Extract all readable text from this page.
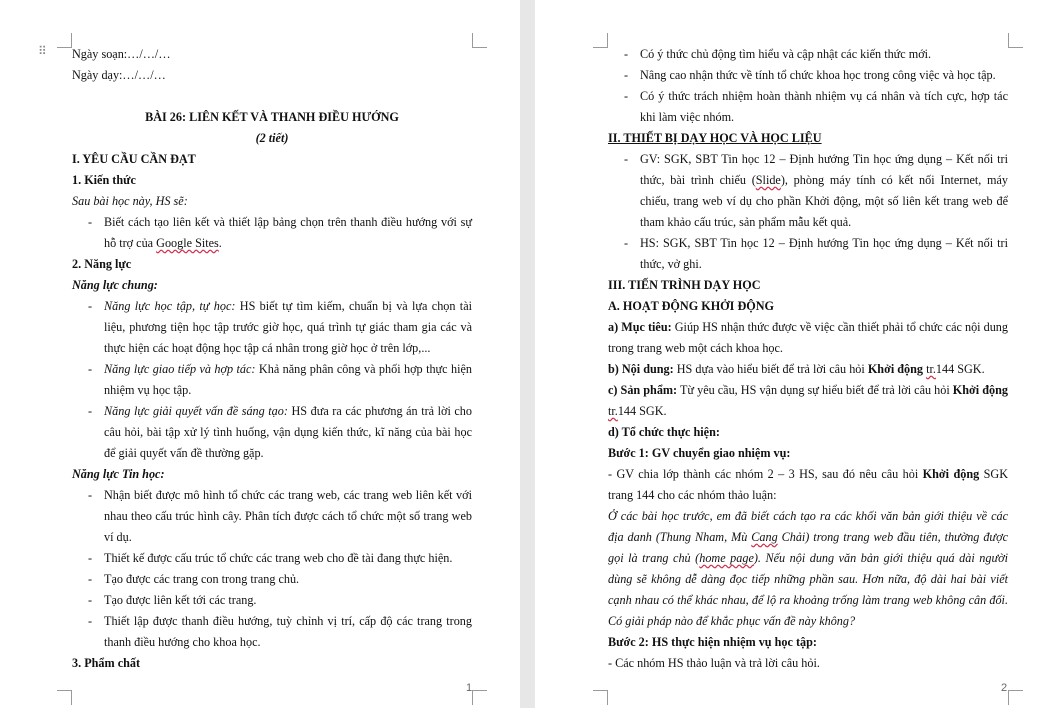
⠿	Ngày soạn:…/…/…
Ngày dạy:…/…/…
BÀI 26: LIÊN KẾT VÀ THANH ĐIỀU HƯỚNG
(2 tiết)
I. YÊU CẦU CẦN ĐẠT
1. Kiến thức
Sau bài học này, HS sẽ:
- Biết cách tạo liên kết và thiết lập bảng chọn trên thanh điều hướng với sự hỗ trợ của Google Sites.
2. Năng lực
Năng lực chung:
- Năng lực học tập, tự học: HS biết tự tìm kiếm, chuẩn bị và lựa chọn tài liệu, phương tiện học tập trước giờ học, quá trình tự giác tham gia các và thực hiện các hoạt động học tập cá nhân trong giờ học ở trên lớp,...
- Năng lực giao tiếp và hợp tác: Khả năng phân công và phối hợp thực hiện nhiệm vụ học tập.
- Năng lực giải quyết vấn đề sáng tạo: HS đưa ra các phương án trả lời cho câu hỏi, bài tập xử lý tình huống, vận dụng kiến thức, kĩ năng của bài học để giải quyết vấn đề thường gặp.
Năng lực Tin học:
- Nhận biết được mô hình tổ chức các trang web, các trang web liên kết với nhau theo cấu trúc hình cây. Phân tích được cách tổ chức một số trang web ví dụ.
- Thiết kế được cấu trúc tổ chức các trang web cho đề tài đang thực hiện.
- Tạo được các trang con trong trang chủ.
- Tạo được liên kết tới các trang.
- Thiết lập được thanh điều hướng, tuỳ chỉnh vị trí, cấp độ các trang trong thanh điều hướng cho khoa học.
3. Phẩm chất
1
- Có ý thức chủ động tìm hiểu và cập nhật các kiến thức mới.
- Nâng cao nhận thức về tính tổ chức khoa học trong công việc và học tập.
- Có ý thức trách nhiệm hoàn thành nhiệm vụ cá nhân và tích cực, hợp tác khi làm việc nhóm.
II. THIẾT BỊ DẠY HỌC VÀ HỌC LIỆU
- GV: SGK, SBT Tin học 12 – Định hướng Tin học ứng dụng – Kết nối tri thức, bài trình chiếu (Slide), phòng máy tính có kết nối Internet, máy chiếu, trang web ví dụ cho phần Khởi động, một số liên kết trang web để tham khảo cấu trúc, sản phẩm mẫu kết quả.
- HS: SGK, SBT Tin học 12 – Định hướng Tin học ứng dụng – Kết nối tri thức, vở ghi.
III. TIẾN TRÌNH DẠY HỌC
A. HOẠT ĐỘNG KHỞI ĐỘNG
a) Mục tiêu: Giúp HS nhận thức được về việc cần thiết phải tổ chức các nội dung trong trang web một cách khoa học.
b) Nội dung: HS dựa vào hiểu biết để trả lời câu hỏi Khởi động tr.144 SGK.
c) Sản phẩm: Từ yêu cầu, HS vận dụng sự hiểu biết để trả lời câu hỏi Khởi động tr.144 SGK.
d) Tổ chức thực hiện:
Bước 1: GV chuyển giao nhiệm vụ:
- GV chia lớp thành các nhóm 2 – 3 HS, sau đó nêu câu hỏi Khởi động SGK trang 144 cho các nhóm thảo luận:
Ở các bài học trước, em đã biết cách tạo ra các khối văn bản giới thiệu về các địa danh (Thung Nham, Mù Cang Chải) trong trang web đầu tiên, thường được gọi là trang chủ (home page). Nếu nội dung văn bản giới thiệu quá dài người dùng sẽ không dễ dàng đọc tiếp những phần sau. Hơn nữa, độ dài hai bài viết cạnh nhau có thể khác nhau, để lộ ra khoảng trống làm trang web không cân đối. Có giải pháp nào để khắc phục vấn đề này không?
Bước 2: HS thực hiện nhiệm vụ học tập:
- Các nhóm HS thảo luận và trả lời câu hỏi.
2
